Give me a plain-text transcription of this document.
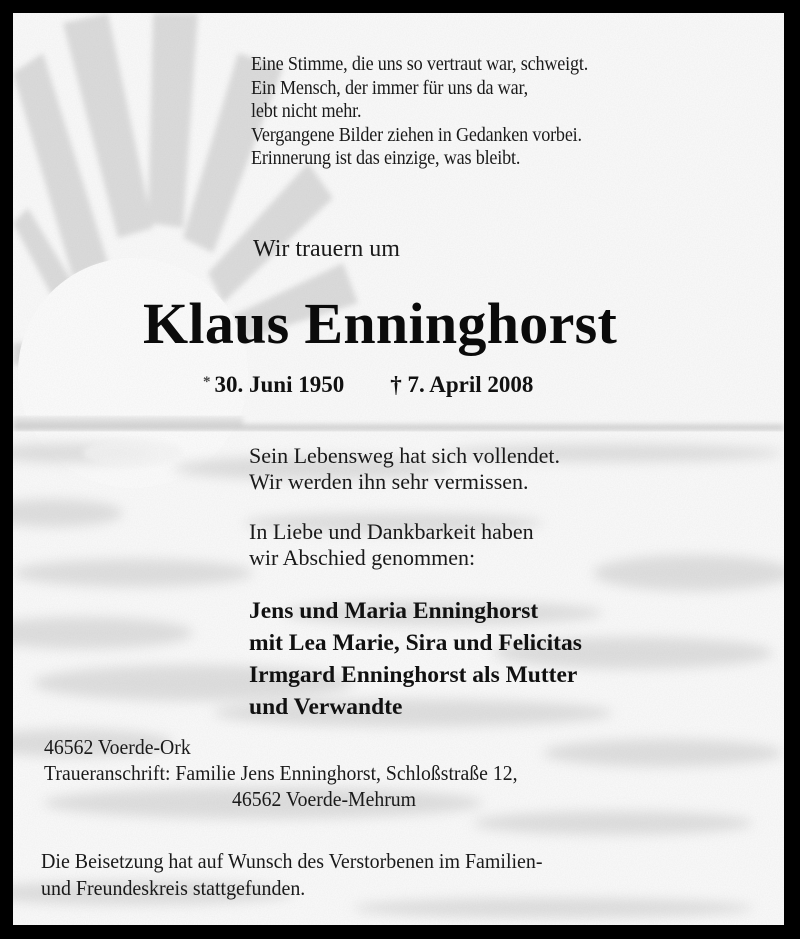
Eine Stimme, die uns so vertraut war, schweigt.
Ein Mensch, der immer für uns da war,
lebt nicht mehr.
Vergangene Bilder ziehen in Gedanken vorbei.
Erinnerung ist das einzige, was bleibt.
Wir trauern um
Klaus Enninghorst
* 30. Juni 1950 † 7. April 2008
Sein Lebensweg hat sich vollendet.
Wir werden ihn sehr vermissen.
In Liebe und Dankbarkeit haben
wir Abschied genommen:
Jens und Maria Enninghorst
mit Lea Marie, Sira und Felicitas
Irmgard Enninghorst als Mutter
und Verwandte
46562 Voerde-Ork
Traueranschrift: Familie Jens Enninghorst, Schloßstraße 12,
46562 Voerde-Mehrum
Die Beisetzung hat auf Wunsch des Verstorbenen im Familien-
und Freundeskreis stattgefunden.
